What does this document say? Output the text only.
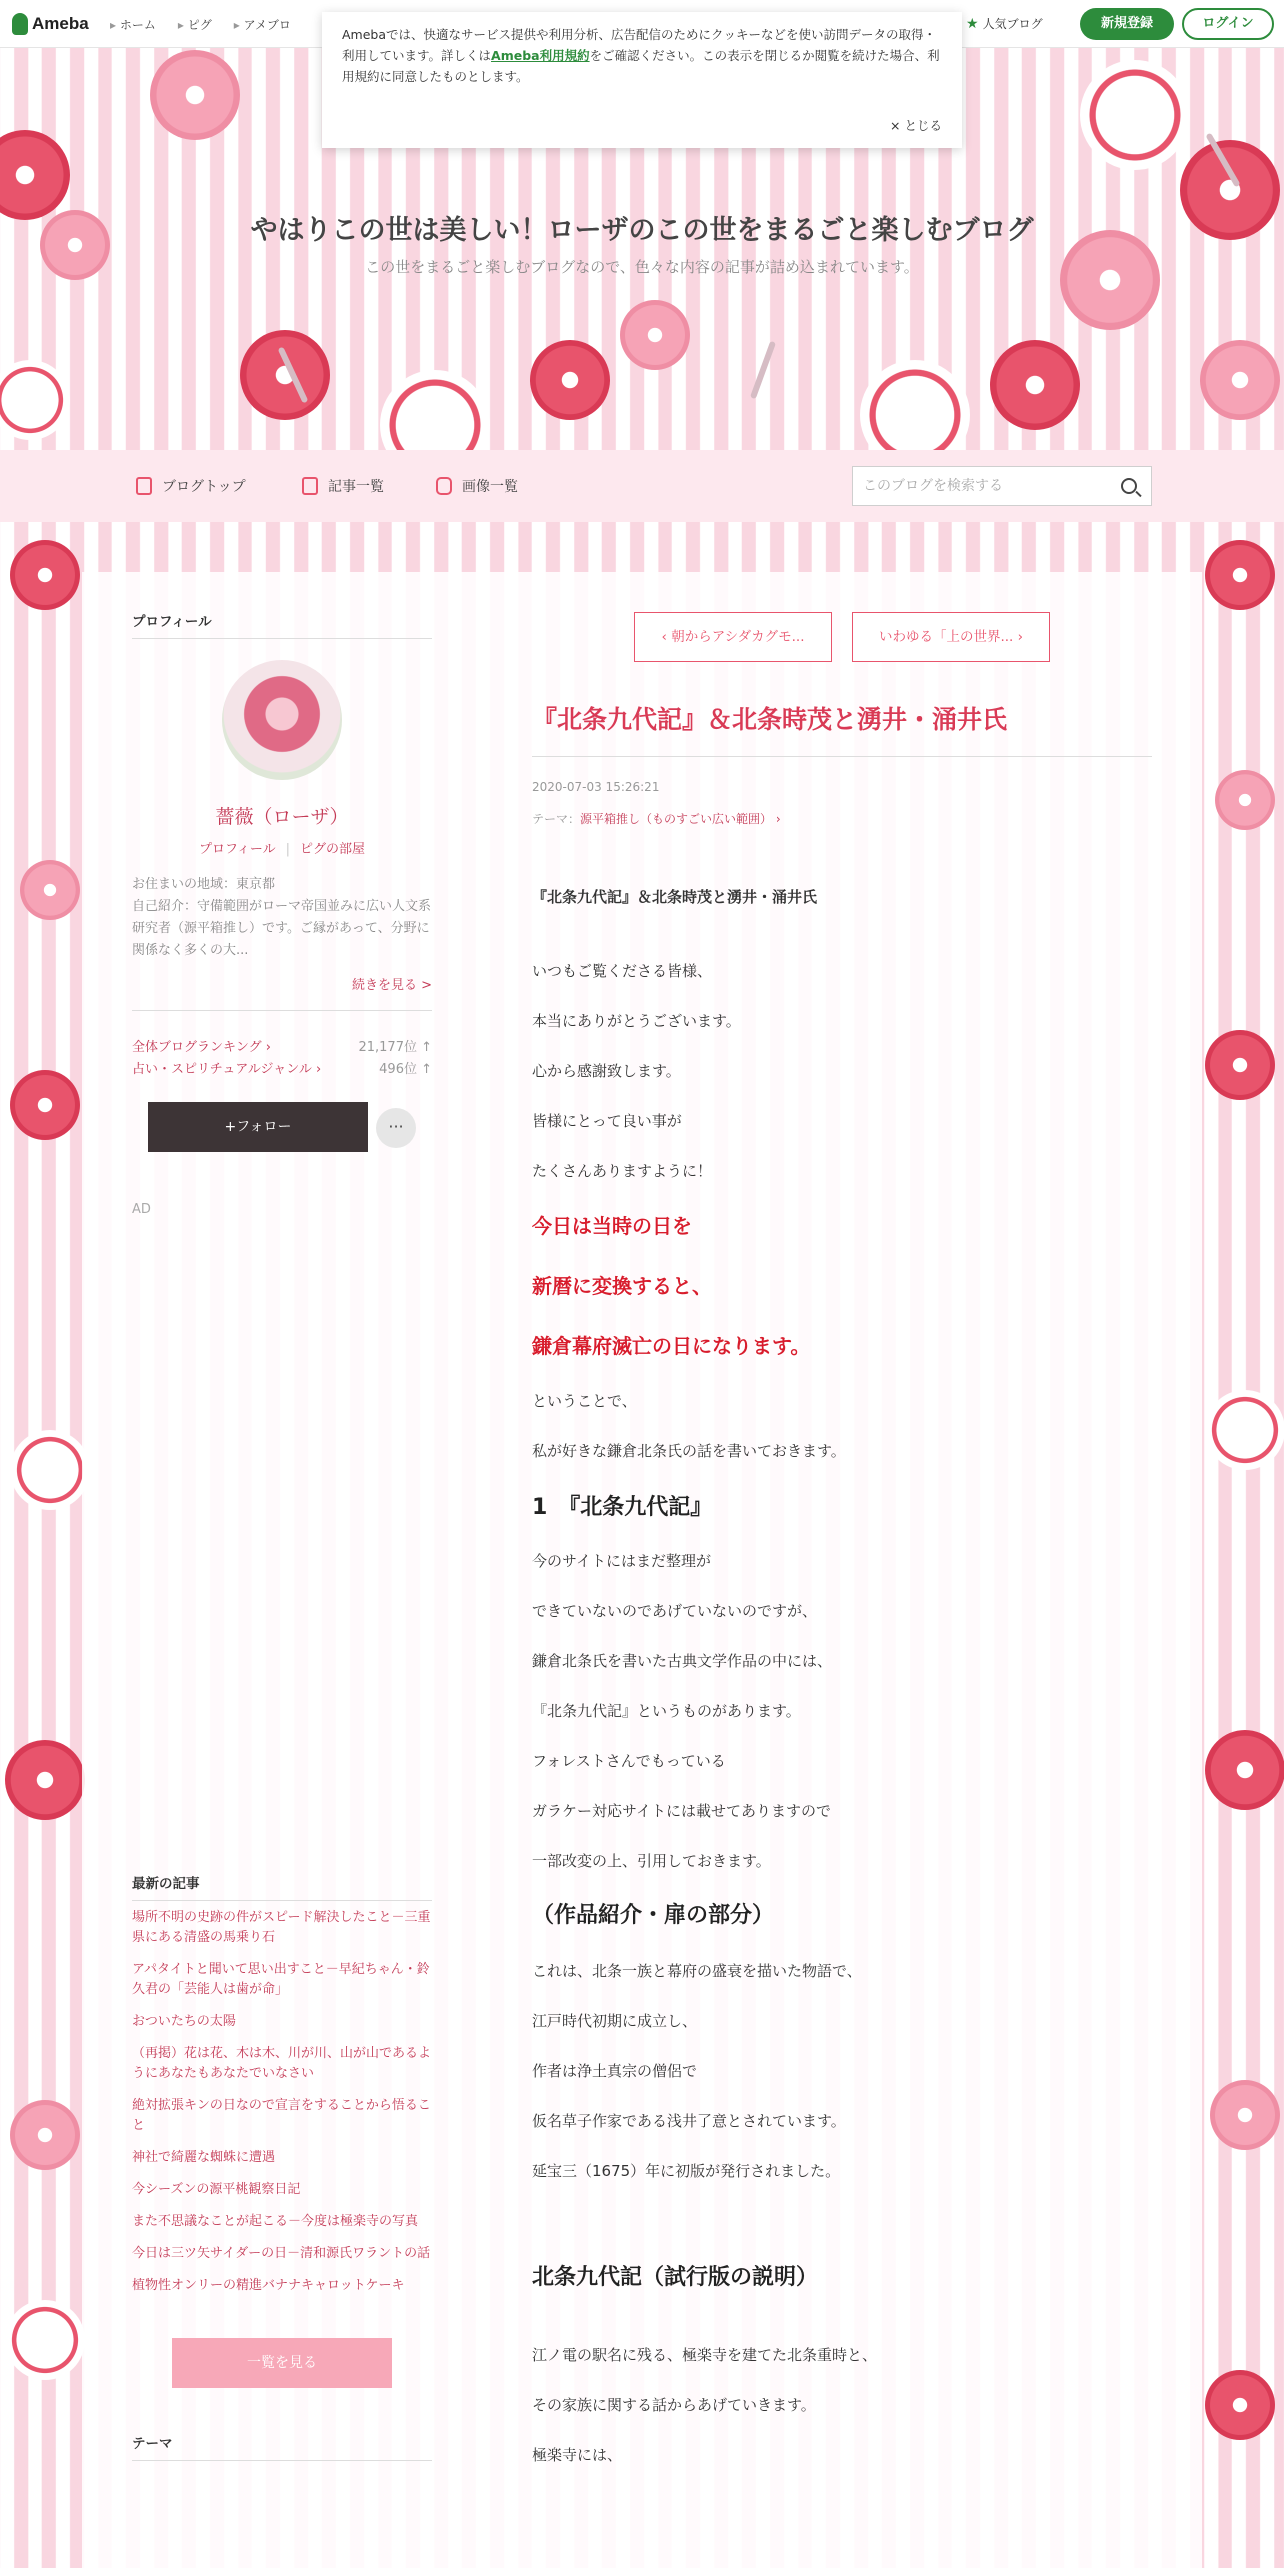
Ameba	▸ ホーム	▸ ピグ	▸ アメブロ	★ 人気ブログ	新規登録	ログイン
Amebaでは、快適なサービス提供や利用分析、広告配信のためにクッキーなどを使い訪問データの取得・利用しています。詳しくはAmeba利用規約をご確認ください。この表示を閉じるか閲覧を続けた場合、利用規約に同意したものとします。
× とじる
やはりこの世は美しい！ローザのこの世をまるごと楽しむブログ

この世をまるごと楽しむブログなので、色々な内容の記事が詰め込まれています。

ブログトップ	記事一覧	画像一覧
このブログを検索する
プロフィール
薔薇（ローザ）
プロフィール | ピグの部屋
お住まいの地域：東京都
自己紹介：守備範囲がローマ帝国並みに広い人文系研究者（源平箱推し）です。ご縁があって、分野に関係なく多くの大...
続きを見る >
全体ブログランキング ›	21,177位 ↑
占い・スピリチュアルジャンル ›	496位 ↑
+フォロー	···
AD
最新の記事
場所不明の史跡の件がスピード解決したこと－三重県にある清盛の馬乗り石
アパタイトと聞いて思い出すこと－早紀ちゃん・鈴久君の「芸能人は歯が命」
おついたちの太陽
（再掲）花は花、木は木、川が川、山が山であるようにあなたもあなたでいなさい
絶対拡張キンの日なので宣言をすることから悟ること
神社で綺麗な蜘蛛に遭遇
今シーズンの源平桃観察日記
また不思議なことが起こる－今度は極楽寺の写真
今日は三ツ矢サイダーの日－清和源氏ワラントの話
植物性オンリーの精進バナナキャロットケーキ
一覧を見る
テーマ
‹ 朝からアシダカグモ...	いわゆる「上の世界... ›
『北条九代記』＆北条時茂と湧井・涌井氏
2020-07-03 15:26:21
テーマ：源平箱推し（ものすごい広い範囲） ›

『北条九代記』＆北条時茂と湧井・涌井氏

いつもご覧くださる皆様、

本当にありがとうございます。

心から感謝致します。

皆様にとって良い事が

たくさんありますように！

今日は当時の日を

新暦に変換すると、

鎌倉幕府滅亡の日になります。

ということで、

私が好きな鎌倉北条氏の話を書いておきます。

1　『北条九代記』

今のサイトにはまだ整理が

できていないのであげていないのですが、

鎌倉北条氏を書いた古典文学作品の中には、

『北条九代記』というものがあります。

フォレストさんでもっている

ガラケー対応サイトには載せてありますので

一部改変の上、引用しておきます。

（作品紹介・扉の部分）

これは、北条一族と幕府の盛衰を描いた物語で、

江戸時代初期に成立し、

作者は浄土真宗の僧侶で

仮名草子作家である浅井了意とされています。

延宝三（1675）年に初版が発行されました。

北条九代記（試行版の説明）

江ノ電の駅名に残る、極楽寺を建てた北条重時と、

その家族に関する話からあげていきます。

極楽寺には、
